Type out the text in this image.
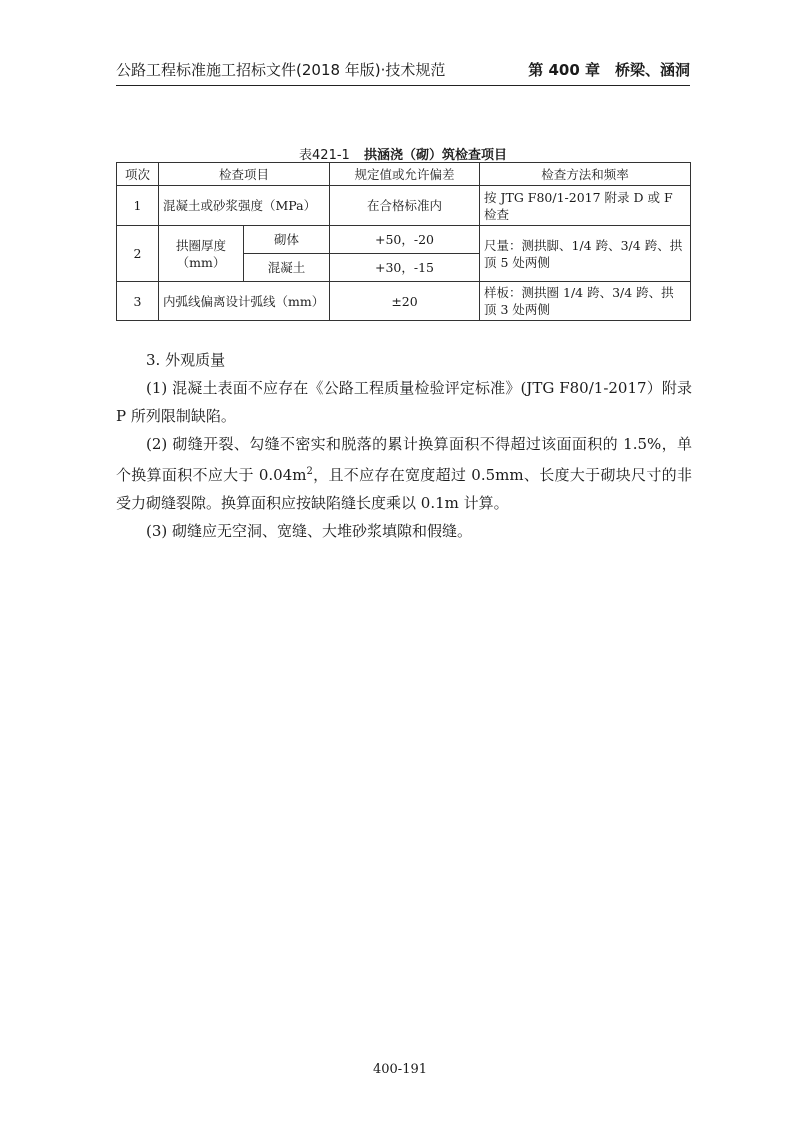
公路工程标准施工招标文件(2018 年版)·技术规范	第 400 章　桥梁、涵洞
表421-1 拱涵浇（砌）筑检查项目
项次	检查项目		规定值或允许偏差	检查方法和频率
1	混凝土或砂浆强度（MPa）		在合格标准内	按 JTG F80/1-2017 附录 D 或 F 检查
2	拱圈厚度（mm）	砌体	+50，-20	尺量：测拱脚、1/4 跨、3/4 跨、拱顶 5 处两侧
		混凝土	+30，-15	
3	内弧线偏离设计弧线（mm）		±20	样板：测拱圈 1/4 跨、3/4 跨、拱顶 3 处两侧

3. 外观质量

(1) 混凝土表面不应存在《公路工程质量检验评定标准》(JTG F80/1-2017）附录 P 所列限制缺陷。

(2) 砌缝开裂、勾缝不密实和脱落的累计换算面积不得超过该面面积的 1.5%，单个换算面积不应大于 $0.04m^2$，且不应存在宽度超过 0.5mm、长度大于砌块尺寸的非受力砌缝裂隙。换算面积应按缺陷缝长度乘以 0.1m 计算。

(3) 砌缝应无空洞、宽缝、大堆砂浆填隙和假缝。

400-191
